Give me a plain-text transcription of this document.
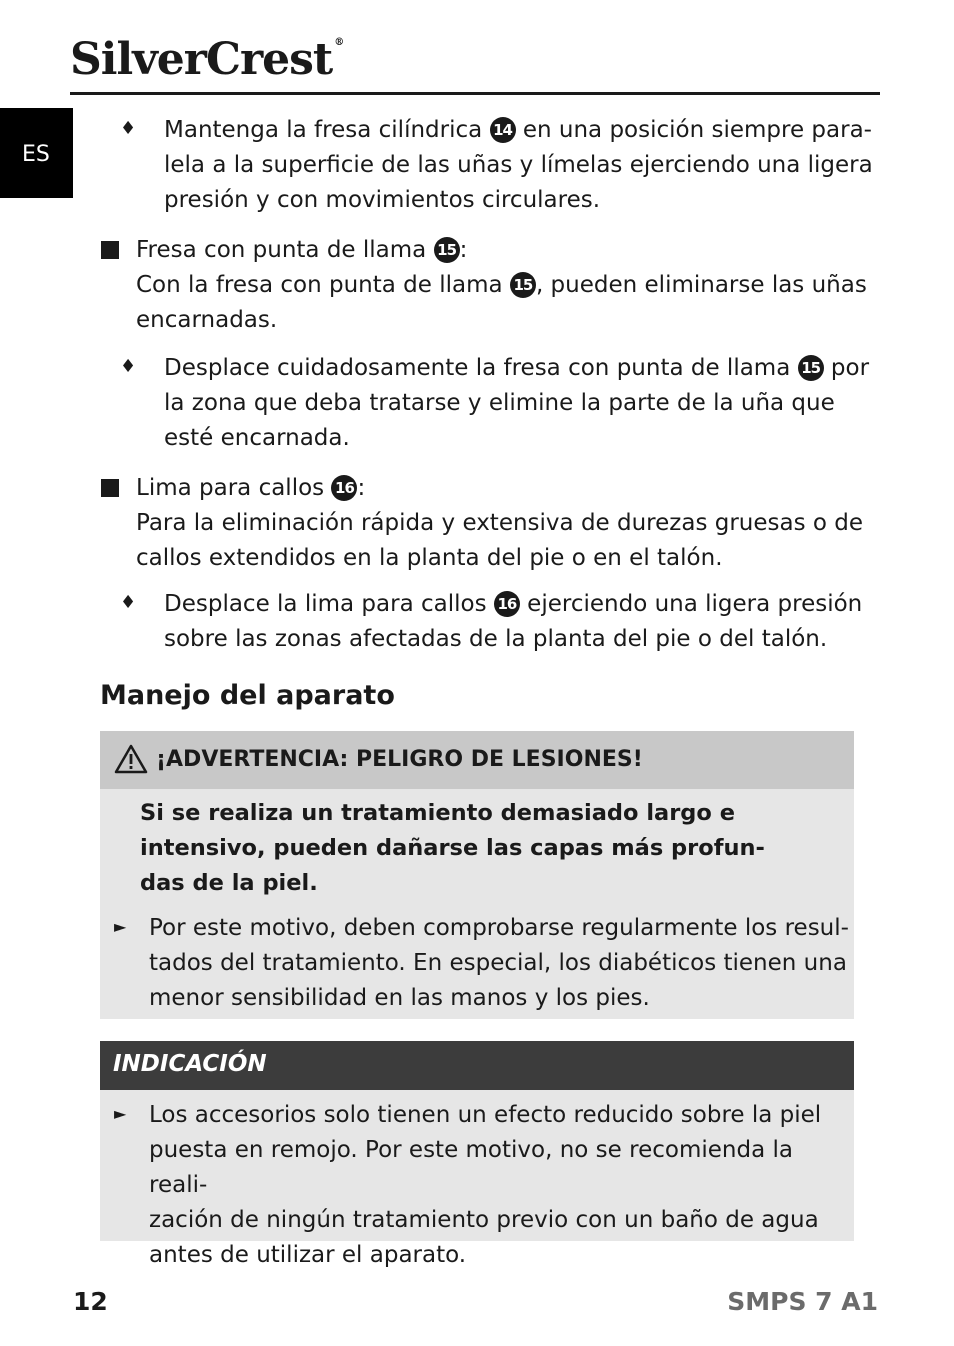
SilverCrest ®
ES
♦ Mantenga la fresa cilíndrica 14 en una posición siempre para-
lela a la superficie de las uñas y límelas ejerciendo una ligera
presión y con movimientos circulares.

Fresa con punta de llama 15 :
Con la fresa con punta de llama 15 , pueden eliminarse las uñas
encarnadas.

♦ Desplace cuidadosamente la fresa con punta de llama 15 por
la zona que deba tratarse y elimine la parte de la uña que
esté encarnada.

Lima para callos 16 :
Para la eliminación rápida y extensiva de durezas gruesas o de
callos extendidos en la planta del pie o en el talón.

♦ Desplace la lima para callos 16 ejerciendo una ligera presión
sobre las zonas afectadas de la planta del pie o del talón.

Manejo del aparato
¡ADVERTENCIA: PELIGRO DE LESIONES!

Si se realiza un tratamiento demasiado largo e
intensivo, pueden dañarse las capas más profun-
das de la piel.

► Por este motivo, deben comprobarse regularmente los resul-
tados del tratamiento. En especial, los diabéticos tienen una
menor sensibilidad en las manos y los pies.

INDICACIÓN
► Los accesorios solo tienen un efecto reducido sobre la piel
puesta en remojo. Por este motivo, no se recomienda la reali-
zación de ningún tratamiento previo con un baño de agua
antes de utilizar el aparato.

12	SMPS 7 A1
